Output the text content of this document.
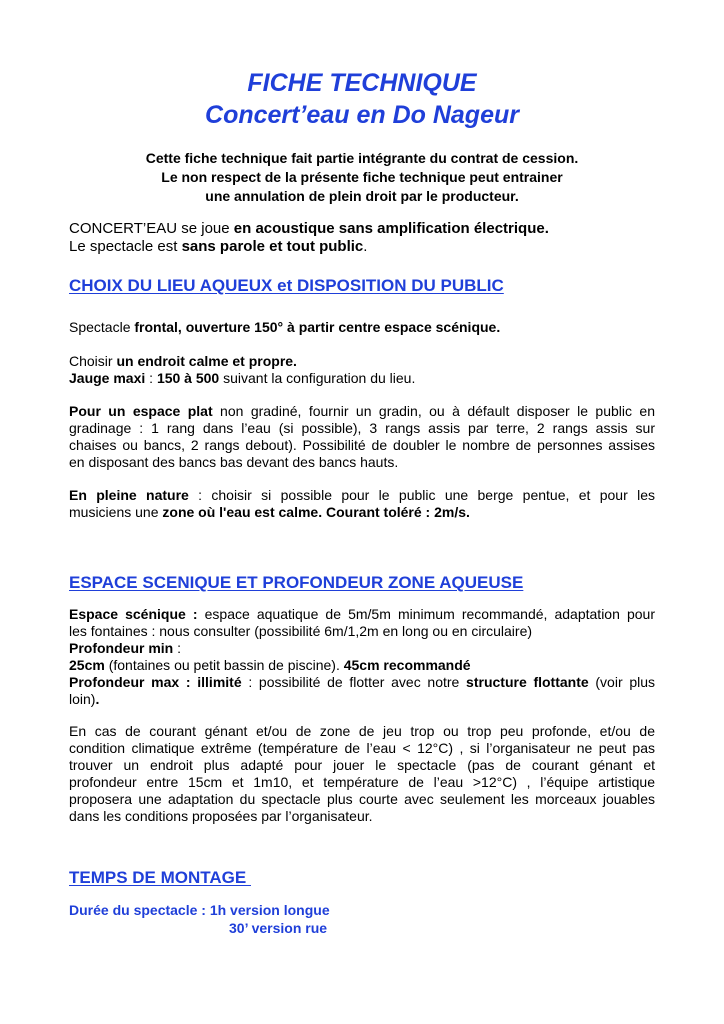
FICHE TECHNIQUE
Concert’eau en Do Nageur
Cette fiche technique fait partie intégrante du contrat de cession.
Le non respect de la présente fiche technique peut entrainer
une annulation de plein droit par le producteur.
CONCERT’EAU se joue en acoustique sans amplification électrique.
Le spectacle est sans parole et tout public.
CHOIX DU LIEU AQUEUX et DISPOSITION DU PUBLIC

Spectacle frontal, ouverture 150° à partir centre espace scénique.

Choisir un endroit calme et propre.
Jauge maxi : 150 à 500 suivant la configuration du lieu.

Pour un espace plat non gradiné, fournir un gradin, ou à défault disposer le public en
gradinage : 1 rang dans l’eau (si possible), 3 rangs assis par terre, 2 rangs assis sur
chaises ou bancs, 2 rangs debout). Possibilité de doubler le nombre de personnes assises
en disposant des bancs bas devant des bancs hauts.

En pleine nature : choisir si possible pour le public une berge pentue, et pour les
musiciens une zone où l'eau est calme. Courant toléré : 2m/s.

ESPACE SCENIQUE ET PROFONDEUR ZONE AQUEUSE

Espace scénique : espace aquatique de 5m/5m minimum recommandé, adaptation pour
les fontaines : nous consulter (possibilité 6m/1,2m en long ou en circulaire)
Profondeur min :
25cm (fontaines ou petit bassin de piscine). 45cm recommandé
Profondeur max : illimité : possibilité de flotter avec notre structure flottante (voir plus
loin).

En cas de courant génant et/ou de zone de jeu trop ou trop peu profonde, et/ou de
condition climatique extrême (température de l’eau < 12°C) , si l’organisateur ne peut pas
trouver un endroit plus adapté pour jouer le spectacle (pas de courant génant et
profondeur entre 15cm et 1m10, et température de l’eau >12°C) , l’équipe artistique
proposera une adaptation du spectacle plus courte avec seulement les morceaux jouables
dans les conditions proposées par l’organisateur.

TEMPS DE MONTAGE
Durée du spectacle : 1h version longue
30’ version rue
